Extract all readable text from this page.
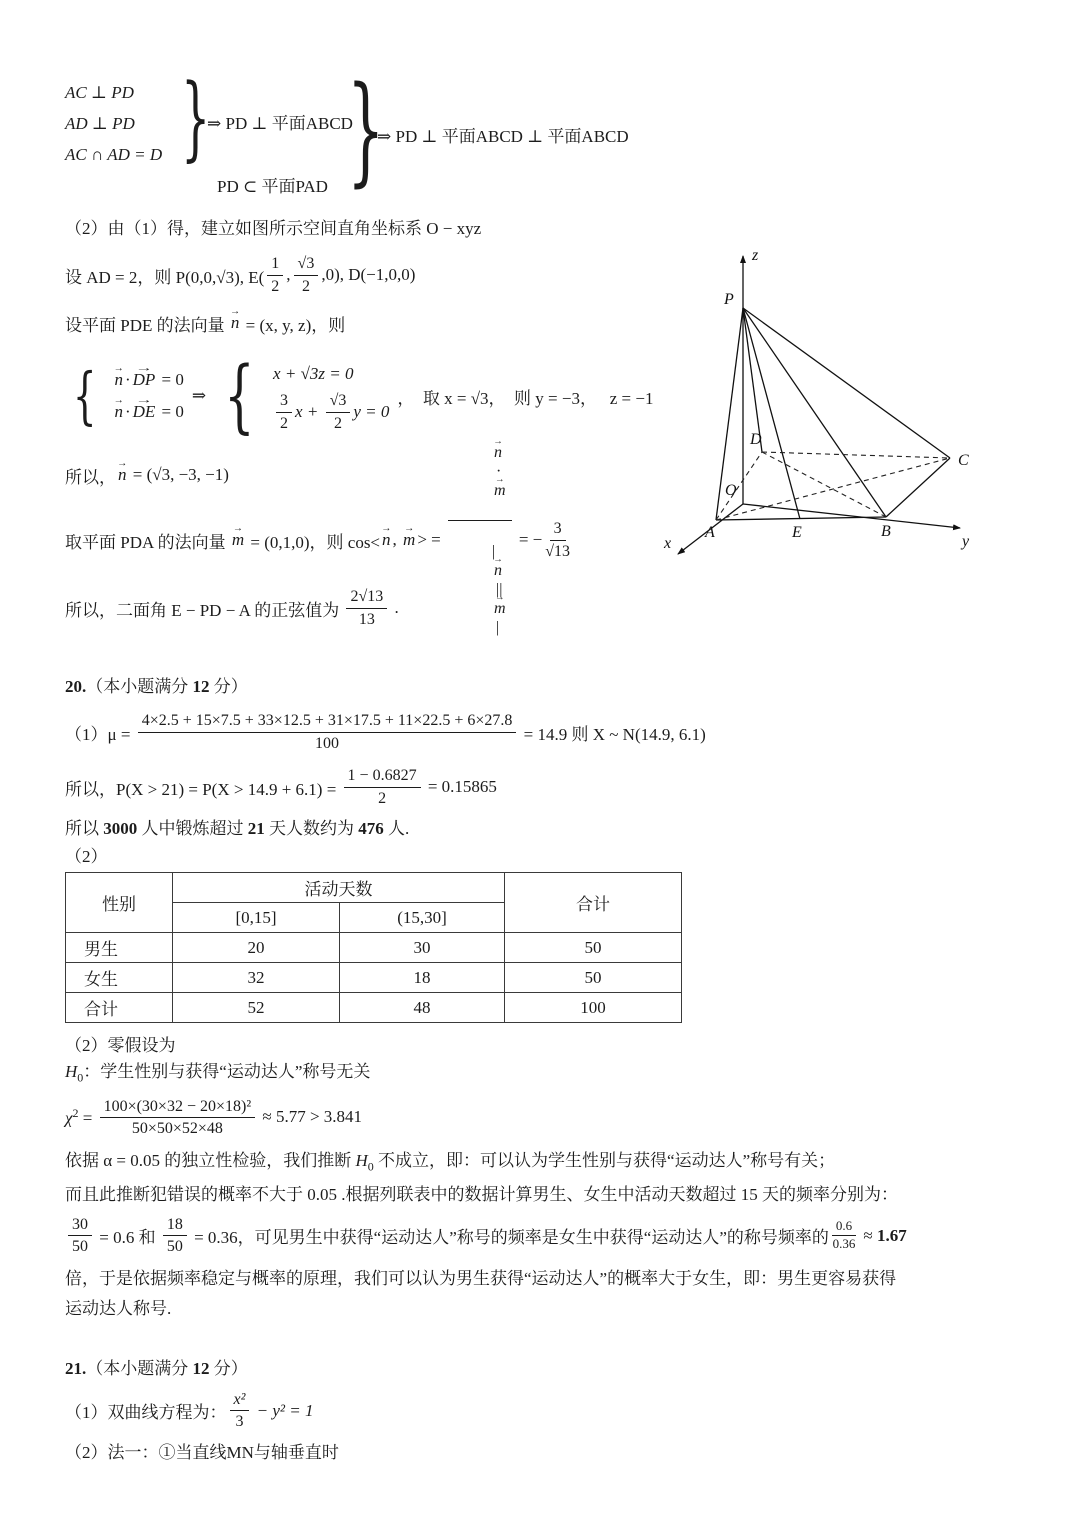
AC ⊥ PD
AD ⊥ PD
AC ∩ AD = D
}
⇒ PD ⊥ 平面ABCD
PD ⊂ 平面PAD
}
⇒ PD ⊥ 平面ABCD ⊥ 平面ABCD
（2）由（1）得，建立如图所示空间直角坐标系 O − xyz
设 AD = 2，则 P(0,0,√3), $E( \frac{1}{2}$ , $\frac{√3}{2} ,0$), D(−1,0,0)
设平面 PDE 的法向量 n → = (x, y, z)，则
{
n → · DP → = 0
n → · DE → = 0
⇒
{
x + √3z = 0
$\frac{3}{2}$ $x + \frac{√3}{2}$ y = 0
，  取 x = √3，  则 y = −3，   z = −1
所以， n → = (√3, −3, −1)
取平面 PDA 的法向量 m → = (0,1,0)，则 cos< n → , m → > = n →
·
m →

|
n →
||
m →
|
= − $\frac{3}{√13}$
所以，二面角 E − PD − A 的正弦值为 $\frac{2√13}{13}$ .
20.（本小题满分 12 分）
$(1)\mu = \frac{4\times 2.5 + 15\times 7.5 + 33\times 12.5 + 31\times 17.5 + 11\times 22.5 + 6\times 27.8}{100} = 14.9$ 则 X ~ N(14.9, 6.1)
所以，$P(X > 21) = P(X > 14.9 + 6.1) = \frac{1 - 0.6827}{2} = 0.15865$
所以 3000 人中锻炼超过 21 天人数约为 476 人.
（2）
性别	活动天数		合计
	[0,15]	(15,30]	
男生	20	30	50
女生	32	18	50
合计	52	48	100
（2）零假设为
$H_0$：学生性别与获得“运动达人”称号无关
$\chi^2 = \frac{\text{100×(30×32 − 20×18)²}}{50\times 50\times 52\times 48} \approx 5.77 > 3.841$
依据 α = 0.05 的独立性检验，我们推断 $H_0$ 不成立，即：可以认为学生性别与获得“运动达人”称号有关；
而且此推断犯错误的概率不大于 0.05 .根据列联表中的数据计算男生、女生中活动天数超过 15 天的频率分别为：
$\frac{30}{50} = 0.6$ 和 $\frac{18}{50} = 0.36$，可见男生中获得“运动达人”称号的频率是女生中获得“运动达人”的称号频率的 $\frac{0.6}{0.36} \approx 1.67$
倍，于是依据频率稳定与概率的原理，我们可以认为男生获得“运动达人”的概率大于女生，即：男生更容易获得
运动达人称号.
21.（本小题满分 12 分）
（1）双曲线方程为： $\frac{\text{x²}}{3} - y^2 = 1$
（2）法一：①当直线MN与轴垂直时
z
P
D
C
O
A	E	B
x	y
